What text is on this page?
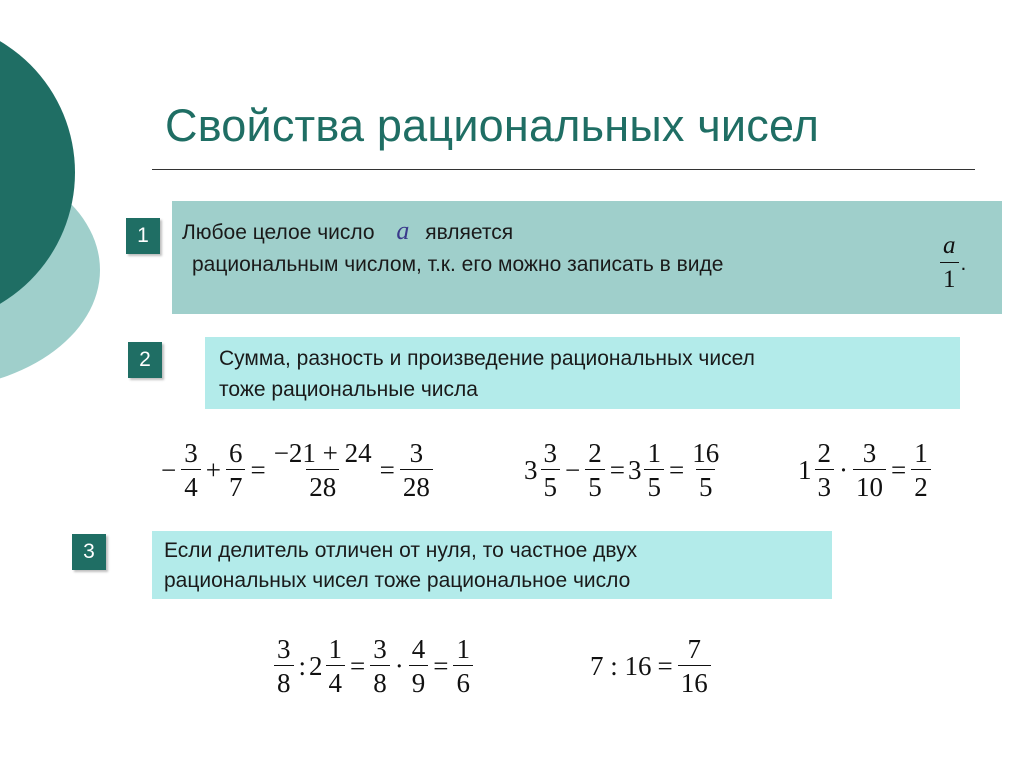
Свойства рациональных чисел
1	Любое целое число a является
рациональным числом, т.к. его можно записать в виде	$\frac{a}{1}$ .
2	Сумма, разность и произведение рациональных чисел
тоже рациональные числа
− $\frac{3}{4} + \frac{6}{7} = \frac{-21 + 24}{28} = \frac{3}{28}$	$3 \frac{3}{5} - \frac{2}{5} = 3 \frac{1}{5} = \frac{16}{5}$	$1 \frac{2}{3} \cdot \frac{3}{10} = \frac{1}{2}$
3	Если делитель отличен от нуля, то частное двух
рациональных чисел тоже рациональное число
$\frac{3}{8}$ : $2 \frac{1}{4} = \frac{3}{8} \cdot \frac{4}{9} = \frac{1}{6}$	7 : $16 = \frac{7}{16}$
